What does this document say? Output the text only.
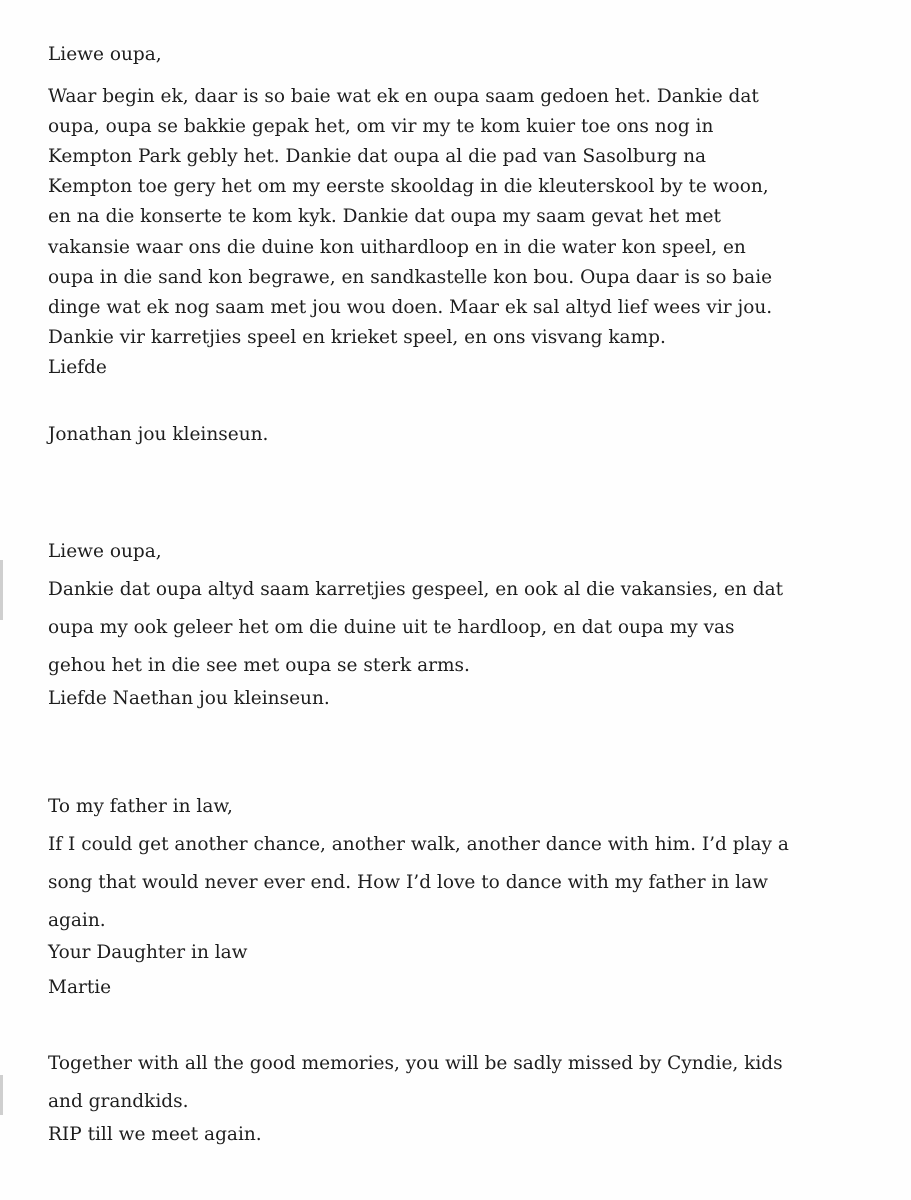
Liewe oupa,

Waar begin ek, daar is so baie wat ek en oupa saam gedoen het. Dankie dat

oupa, oupa se bakkie gepak het, om vir my te kom kuier toe ons nog in

Kempton Park gebly het. Dankie dat oupa al die pad van Sasolburg na

Kempton toe gery het om my eerste skooldag in die kleuterskool by te woon,

en na die konserte te kom kyk. Dankie dat oupa my saam gevat het met

vakansie waar ons die duine kon uithardloop en in die water kon speel, en

oupa in die sand kon begrawe, en sandkastelle kon bou. Oupa daar is so baie

dinge wat ek nog saam met jou wou doen. Maar ek sal altyd lief wees vir jou.

Dankie vir karretjies speel en krieket speel, en ons visvang kamp.

Liefde

Jonathan jou kleinseun.

Liewe oupa,

Dankie dat oupa altyd saam karretjies gespeel, en ook al die vakansies, en dat

oupa my ook geleer het om die duine uit te hardloop, en dat oupa my vas

gehou het in die see met oupa se sterk arms.

Liefde Naethan jou kleinseun.

To my father in law,

If I could get another chance, another walk, another dance with him. I’d play a

song that would never ever end. How I’d love to dance with my father in law

again.

Your Daughter in law

Martie

Together with all the good memories, you will be sadly missed by Cyndie, kids

and grandkids.

RIP till we meet again.
